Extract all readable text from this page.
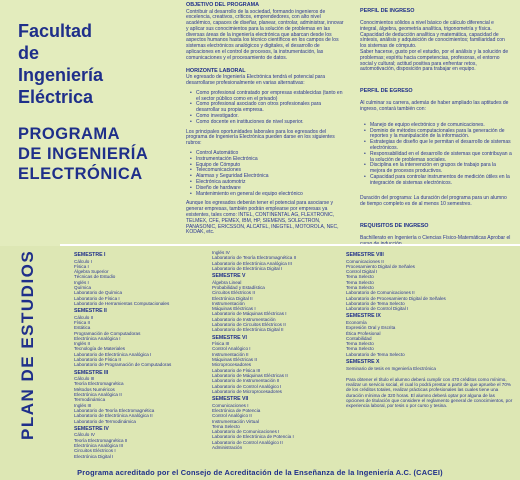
Facultad
de
Ingeniería
Eléctrica
PROGRAMA
DE INGENIERÍA
ELECTRÓNICA
OBJETIVO DEL PROGRAMA

Contribuir al desarrollo de la sociedad, formando ingenieros de excelencia, creativos, críticos, emprendedores, con alto nivel académico, capaces de diseñar, planear, controlar, administrar, innovar y aplicar sus conocimientos para la solución de problemas en las diversas áreas de la ingeniería electrónica que abarcan desde los aspectos humanos hasta los técnico científicos en los campos de los sistemas electrónicos analógicos y digitales, el desarrollo de aplicaciones en el control de procesos, la instrumentación, las comunicaciones y el procesamiento de datos.

HORIZONTE LABORAL

Un egresado de Ingeniería Electrónica tendrá el potencial para desarrollarse profesionalmente en varias alternativas:

• Como profesional contratado por empresas establecidas (tanto en el sector público como en el privado)
• Como profesional asociado con otros profesionales para desarrollar su propia empresa.
• Como investigador.
• Como docente en instituciones de nivel superior.

Los principales oportunidades laborales para los egresados del programa de Ingeniería Electrónica pueden darse en los siguientes rubros:

• Control Automático
• Instrumentación Electrónica
• Equipo de Cómputo
• Telecomunicaciones
• Alarmas y Seguridad Electrónica
• Electrónica automotriz
• Diseño de hardware
• Mantenimiento en general de equipo electrónico

Aunque los egresados deberán tener el potencial para asociarse y generar empresas, también podrán emplearse por empresas ya existentes, tales como: INTEL, CONTINENTAL AG, FLEXTRONIC, TELMEX, CFE, PEMEX, IBM, HP, SIEMENS, SOLECTRON, PANASONIC, ERICSSON, ALCATEL, INEGTEL, MOTOROLA, NEC, KODAK, etc.

PERFIL DE INGRESO

Conocimientos sólidos a nivel básico de cálculo diferencial e integral, álgebra, geometría analítica, trigonometría y física.
Capacidad de deducción analítica y matemática, capacidad de síntesis, análisis y adquisición de conocimientos; familiaridad con los sistemas de cómputo.
Saber hacerse, gusto por el estudio, por el análisis y la solución de problemas; espíritu hacia competencias, profesoras, el entorno social y cultural; actitud positiva para enfrentar retos, automotivación, disposición para trabajar en equipo.

PERFIL DE EGRESO

Al culminar su carrera, además de haber ampliado las aptitudes de ingreso, contará también con:

• Manejo de equipo electrónico y de comunicaciones.
• Dominio de métodos computacionales para la generación de reportes y la manipulación de la información.
• Estrategias de diseño que le permitan el desarrollo de sistemas electrónicos.
• Responsabilidad en el desarrollo de sistemas que contribuyan a la solución de problemas sociales.
• Disciplina en la intervención en grupos de trabajo para la mejora de procesos productivos.
• Capacidad para controlar instrumentos de medición útiles en la integración de sistemas electrónicos.

Duración del programa: La duración del programa para un alumno de tiempo completo es de al menos 10 semestres.

REQUISITOS DE INGRESO

Bachillerato en Ingeniería o Ciencias Físico-Matemáticas Aprobar el

PLAN DE ESTUDIOS	SEMESTRE I
Cálculo I
Física I
Álgebra Superior
Técnicas de Estudio
Inglés I
Química
Laboratorio de Química
Laboratorio de Física I
Laboratorio de Herramientas Computacionales
SEMESTRE II
Cálculo II
Física II
Estática
Programación de Computadoras
Electrónica Analógica I
Inglés II
Tecnología de Materiales
Laboratorio de Electrónica Analógica I
Laboratorio de Física II
Laboratorio de Programación de Computadoras
SEMESTRE III
Cálculo III
Teoría Electromagnética
Métodos Numéricos
Electrónica Analógica II
Termodinámica
Inglés III
Laboratorio de Teoría Electromagnética
Laboratorio de Electrónica Analógica II
Laboratorio de Termodinámica
SEMESTRE IV
Cálculo IV
Teoría Electromagnética II
Electrónica Analógica III
Circuitos Eléctricos I
Electrónica Digital I
Inglés IV
Laboratorio de Teoría Electromagnética II
Laboratorio de Electrónica Analógica III
Laboratorio de Electrónica Digital I
SEMESTRE V
Álgebra Lineal
Probabilidad y Estadística
Circuitos Eléctricos II
Electrónica Digital II
Instrumentación
Máquinas Eléctricas I
Laboratorio de Máquinas Eléctricas I
Laboratorio de Instrumentación
Laboratorio de Circuitos Eléctricos II
Laboratorio de Electrónica Digital II
SEMESTRE VI
Física III
Control Analógico I
Instrumentación II
Máquinas Eléctricas II
Microprocesadores
Laboratorio de Física III
Laboratorio de Máquinas Eléctricas II
Laboratorio de Instrumentación II
Laboratorio de Control Analógico I
Laboratorio de Microprocesadores
SEMESTRE VII
Comunicaciones I
Electrónica de Potencia
Control Analógico II
Instrumentación Virtual
Tema Selecto
Laboratorio de Comunicaciones I
Laboratorio de Electrónica de Potencia I
Laboratorio de Control Analógico II
Administración
SEMESTRE VIII
Comunicaciones II
Procesamiento Digital de Señales
Control Digital I
Tema Selecto
Tema Selecto
Tema Selecto
Laboratorio de Comunicaciones II
Laboratorio de Procesamiento Digital de Señales
Laboratorio de Tema Selecto
Laboratorio de Control Digital I
SEMESTRE IX
Economía
Expresión Oral y Escrita
Ética Profesional
Contabilidad
Tema Selecto
Tema Selecto
Laboratorio de Tema Selecto
SEMESTRE X
Seminario de tesis en Ingeniería Electrónica
Para obtener el título el alumno deberá cumplir con 470 créditos como mínimo, realizar un servicio social, el cual lo podrá prestar a partir de que apruebe el 70% de los créditos totales, realizar prácticas profesionales las cuales tiene una duración mínima de 320 horas. El alumno deberá optar por alguna de las opciones de titulación que considere el reglamento general de conocimientos, por experiencia laboral, por tesis o por curso y tesina.
Programa acreditado por el Consejo de Acreditación de la Enseñanza de la Ingeniería A.C. (CACEI)
